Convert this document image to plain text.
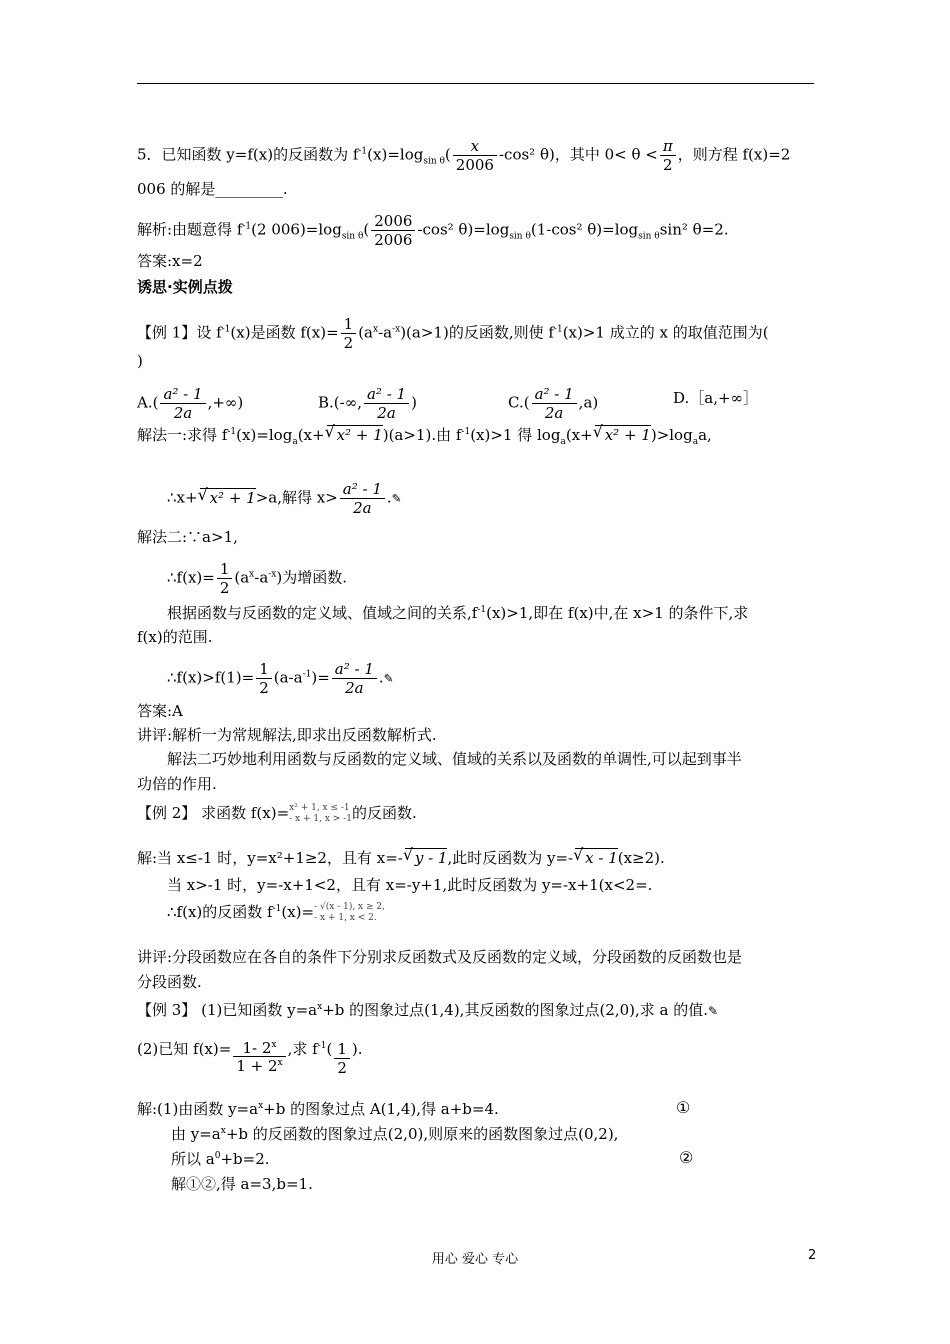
5．已知函数 y=f(x)的反函数为 $f^{-1}(x)=\log_{sin \theta}( \frac{x}{2006} -\cos^2$ θ)，其中 $0< \theta < \frac{\pi}{2}$ ，则方程 f(x)=2
006 的解是_________.
解析:由题意得 $f^{-1}(2$ $006)=\log_{sin \theta}( \frac{2006}{2006} -\cos^2$ $\theta)=\log_{sin \theta}(1$-cos² $\theta)=\log_{sin \theta}\sin^2$ θ=2.
答案:x=2
诱思·实例点拨
【例 1】设 $f^{-1}(x)$是函数 $f(x)= \frac{1}{2} (a^x-a^{-x})(a>1)$的反函数,则使 $f^{-1}(x)>1$ 成立的 x 的取值范围为(
)
$A.( \frac{\text{a² - 1}}{2a}$ ,+∞)	B.(-∞, $\frac{\text{a² - 1}}{2a}$ )	$C.( \frac{\text{a² - 1}}{2a} ,a)$	D.［a,+∞］
解法一:求得 $f^{-1}(x)=\log_a(x+√$ x² + 1)(a>1).由 $f^{-1}(x)>1$ 得 $\log_a(x+√$ $x^2 + 1)>\log_aa$,
∴x+√ x² + 1>a,解得 $x> \frac{\text{a² - 1}}{2a}$ .✎
解法二:∵a>1,
∴f(x)= $\frac{1}{2} (a^x-a^{-x})$为增函数.
根据函数与反函数的定义域、值域之间的关系$,f^{-1}(x)>1$,即在 f(x)中,在 x>1 的条件下,求
f(x)的范围.
∴f(x)>f(1)= $\frac{1}{2} (a-a^{-1})= \frac{\text{a² - 1}}{2a}$ .✎
答案:A
讲评:解析一为常规解法,即求出反函数解析式.
解法二巧妙地利用函数与反函数的定义域、值域的关系以及函数的单调性,可以起到事半
功倍的作用.
【例 2】 求函数 f(x)= x² + 1, x ≤ -1
- x + 1, x > -1 的反函数.
解:当 x≤-1 时，y=x²+1≥2，且有 x=-√ y - 1,此时反函数为 y=-√ x - 1(x≥2).
当 x>-1 时，y=-x+1<2，且有 x=-y+1,此时反函数为 y=-x+1(x<2=.
∴f(x)的反函数 $f^{-1}(x)= - √(x - 1)$, x ≥ 2,
- x + 1, x < 2.
讲评:分段函数应在各自的条件下分别求反函数式及反函数的定义域，分段函数的反函数也是
分段函数.
【例 3】 (1)已知函数 $y=a^x+b$ 的图象过点(1,4),其反函数的图象过点(2,0),求 a 的值.✎
(2)已知 $f(x)= \frac{1- 2^x}{1 + 2^x}$ ,求 $f^{-1}( \frac{1}{2}$ ).
解:(1)由函数 $y=a^x+b$ 的图象过点 A(1,4),得 a+b=4.	①
由 $y=a^x+b$ 的反函数的图象过点(2,0),则原来的函数图象过点(0,2),
所以 $a^0+b=2$.	②
解①②,得 a=3,b=1.
用心 爱心 专心	2
